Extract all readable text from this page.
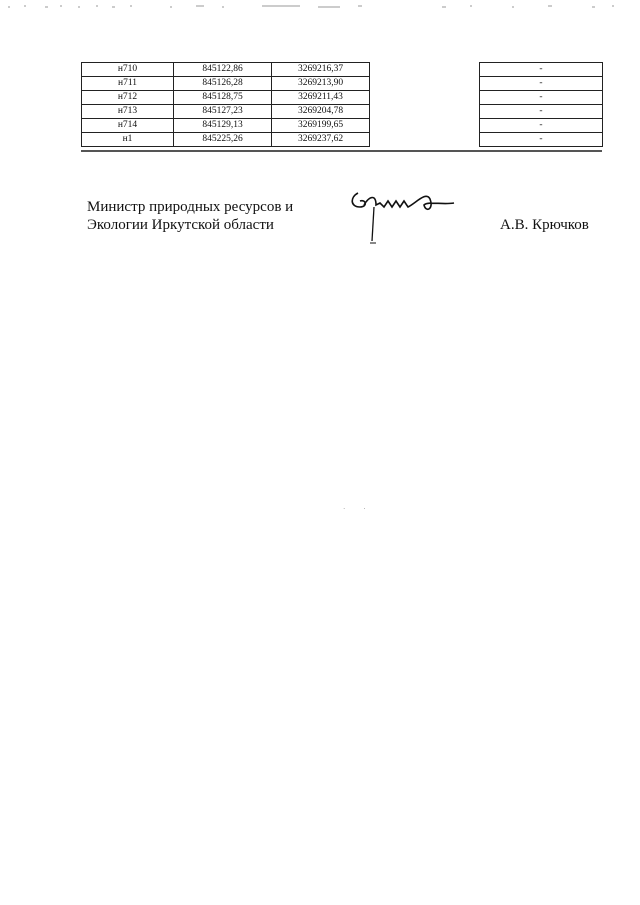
н710	845122,86	3269216,37		-
н711	845126,28	3269213,90		-
н712	845128,75	3269211,43		-
н713	845127,23	3269204,78		-
н714	845129,13	3269199,65		-
н1	845225,26	3269237,62		-
Министр природных ресурсов и
Экологии Иркутской области	А.В. Крючков
··
